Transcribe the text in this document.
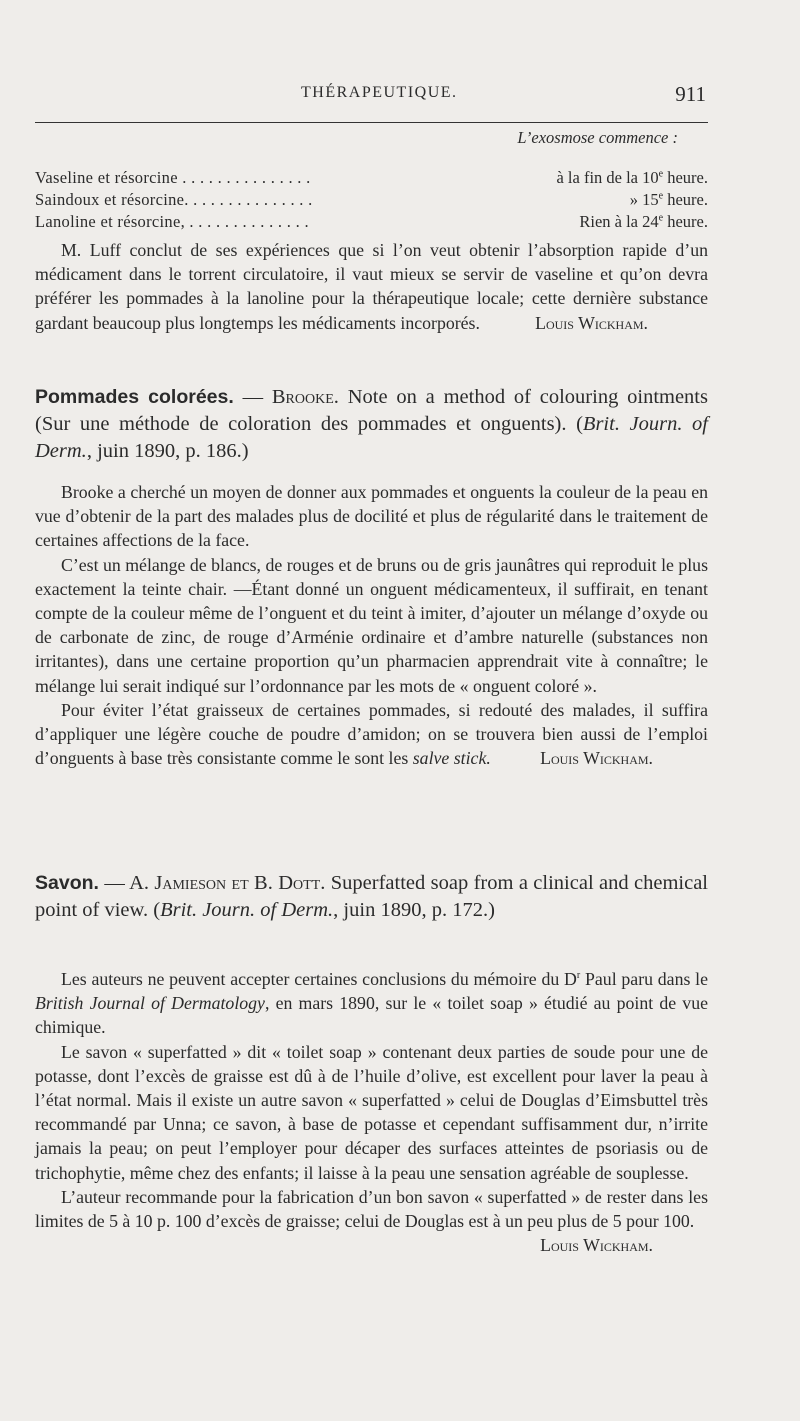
THÉRAPEUTIQUE.	911
L’exosmose commence :
Vaseline et résorcine . . . . . . . . . . . . . . .	à la fin de la 10e heure.
Saindoux et résorcine. . . . . . . . . . . . . . .	» 15e heure.
Lanoline et résorcine, . . . . . . . . . . . . . .	Rien à la 24e heure.

M. Luff conclut de ses expériences que si l’on veut obtenir l’absorption rapide d’un médicament dans le torrent circulatoire, il vaut mieux se servir de vaseline et qu’on devra préférer les pommades à la lanoline pour la thérapeutique locale; cette dernière substance gardant beaucoup plus longtemps les médicaments incorporés.	Louis Wickham.

Pommades colorées. — Brooke. Note on a method of colouring ointments (Sur une méthode de coloration des pommades et onguents). (Brit. Journ. of Derm., juin 1890, p. 186.)

Brooke a cherché un moyen de donner aux pommades et onguents la couleur de la peau en vue d’obtenir de la part des malades plus de docilité et plus de régularité dans le traitement de certaines affections de la face.

C’est un mélange de blancs, de rouges et de bruns ou de gris jaunâtres qui reproduit le plus exactement la teinte chair. —Étant donné un onguent médicamenteux, il suffirait, en tenant compte de la couleur même de l’onguent et du teint à imiter, d’ajouter un mélange d’oxyde ou de carbonate de zinc, de rouge d’Arménie ordinaire et d’ambre naturelle (substances non irritantes), dans une certaine proportion qu’un pharmacien apprendrait vite à connaître; le mélange lui serait indiqué sur l’ordonnance par les mots de « onguent coloré ».

Pour éviter l’état graisseux de certaines pommades, si redouté des malades, il suffira d’appliquer une légère couche de poudre d’amidon; on se trouvera bien aussi de l’emploi d’onguents à base très consistante comme le sont les salve stick.	Louis Wickham.

Savon. — A. Jamieson et B. Dott. Superfatted soap from a clinical and chemical point of view. (Brit. Journ. of Derm., juin 1890, p. 172.)

Les auteurs ne peuvent accepter certaines conclusions du mémoire du $D^r$ Paul paru dans le British Journal of Dermatology, en mars 1890, sur le « toilet soap » étudié au point de vue chimique.

Le savon « superfatted » dit « toilet soap » contenant deux parties de soude pour une de potasse, dont l’excès de graisse est dû à de l’huile d’olive, est excellent pour laver la peau à l’état normal. Mais il existe un autre savon « superfatted » celui de Douglas d’Eimsbuttel très recommandé par Unna; ce savon, à base de potasse et cependant suffisamment dur, n’irrite jamais la peau; on peut l’employer pour décaper des surfaces atteintes de psoriasis ou de trichophytie, même chez des enfants; il laisse à la peau une sensation agréable de souplesse.

L’auteur recommande pour la fabrication d’un bon savon « superfatted » de rester dans les limites de 5 à 10 p. 100 d’excès de graisse; celui de Douglas est à un peu plus de 5 pour 100.
Louis Wickham.
